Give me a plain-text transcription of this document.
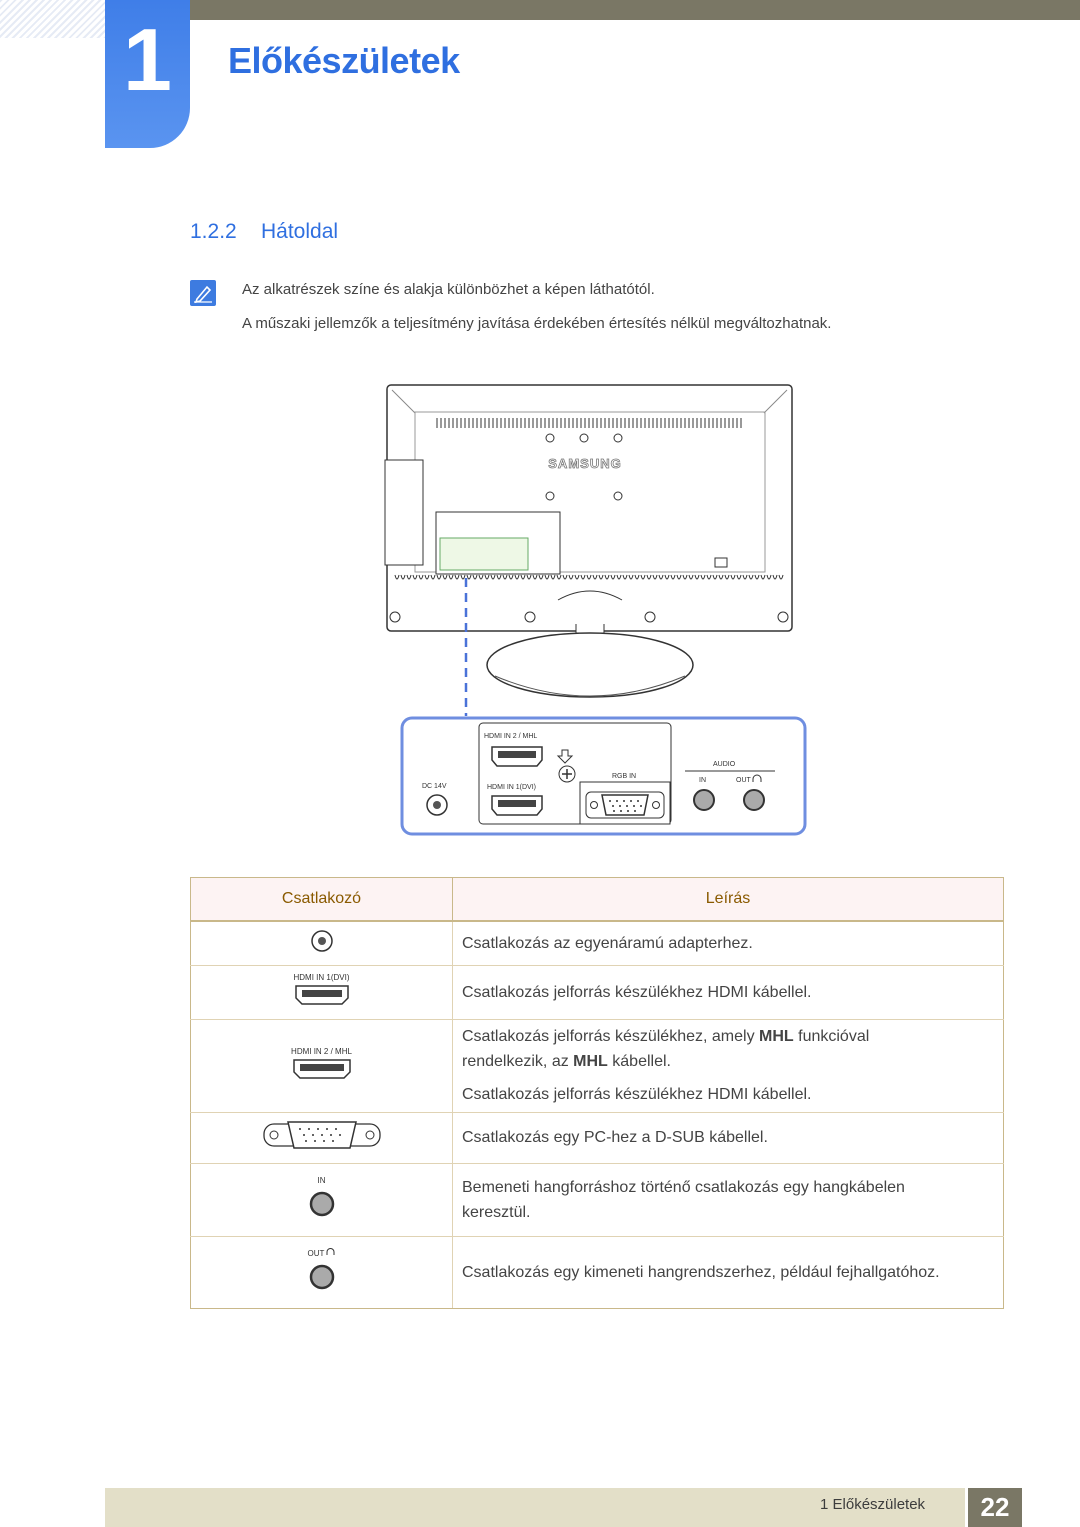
1	Előkészületek
1.2.2 Hátoldal
Az alkatrészek színe és alakja különbözhet a képen láthatótól.
A műszaki jellemzők a teljesítmény javítása érdekében értesítés nélkül megváltozhatnak.
SAMSUNG
HDMI IN 2 / MHL
HDMI IN 1(DVI)
DC 14V
RGB IN
AUDIO
IN	OUT
Csatlakozó	Leírás

Csatlakozás az egyenáramú adapterhez.

HDMI IN 1(DVI)	Csatlakozás jelforrás készülékhez HDMI kábellel.

HDMI IN 2 / MHL	Csatlakozás jelforrás készülékhez, amely MHL funkcióval
rendelkezik, az MHL kábellel.

Csatlakozás jelforrás készülékhez HDMI kábellel.

Csatlakozás egy PC-hez a D-SUB kábellel.

IN	Bemeneti hangforráshoz történő csatlakozás egy hangkábelen
keresztül.

OUT	Csatlakozás egy kimeneti hangrendszerhez, például fejhallgatóhoz.

1 Előkészületek	22
